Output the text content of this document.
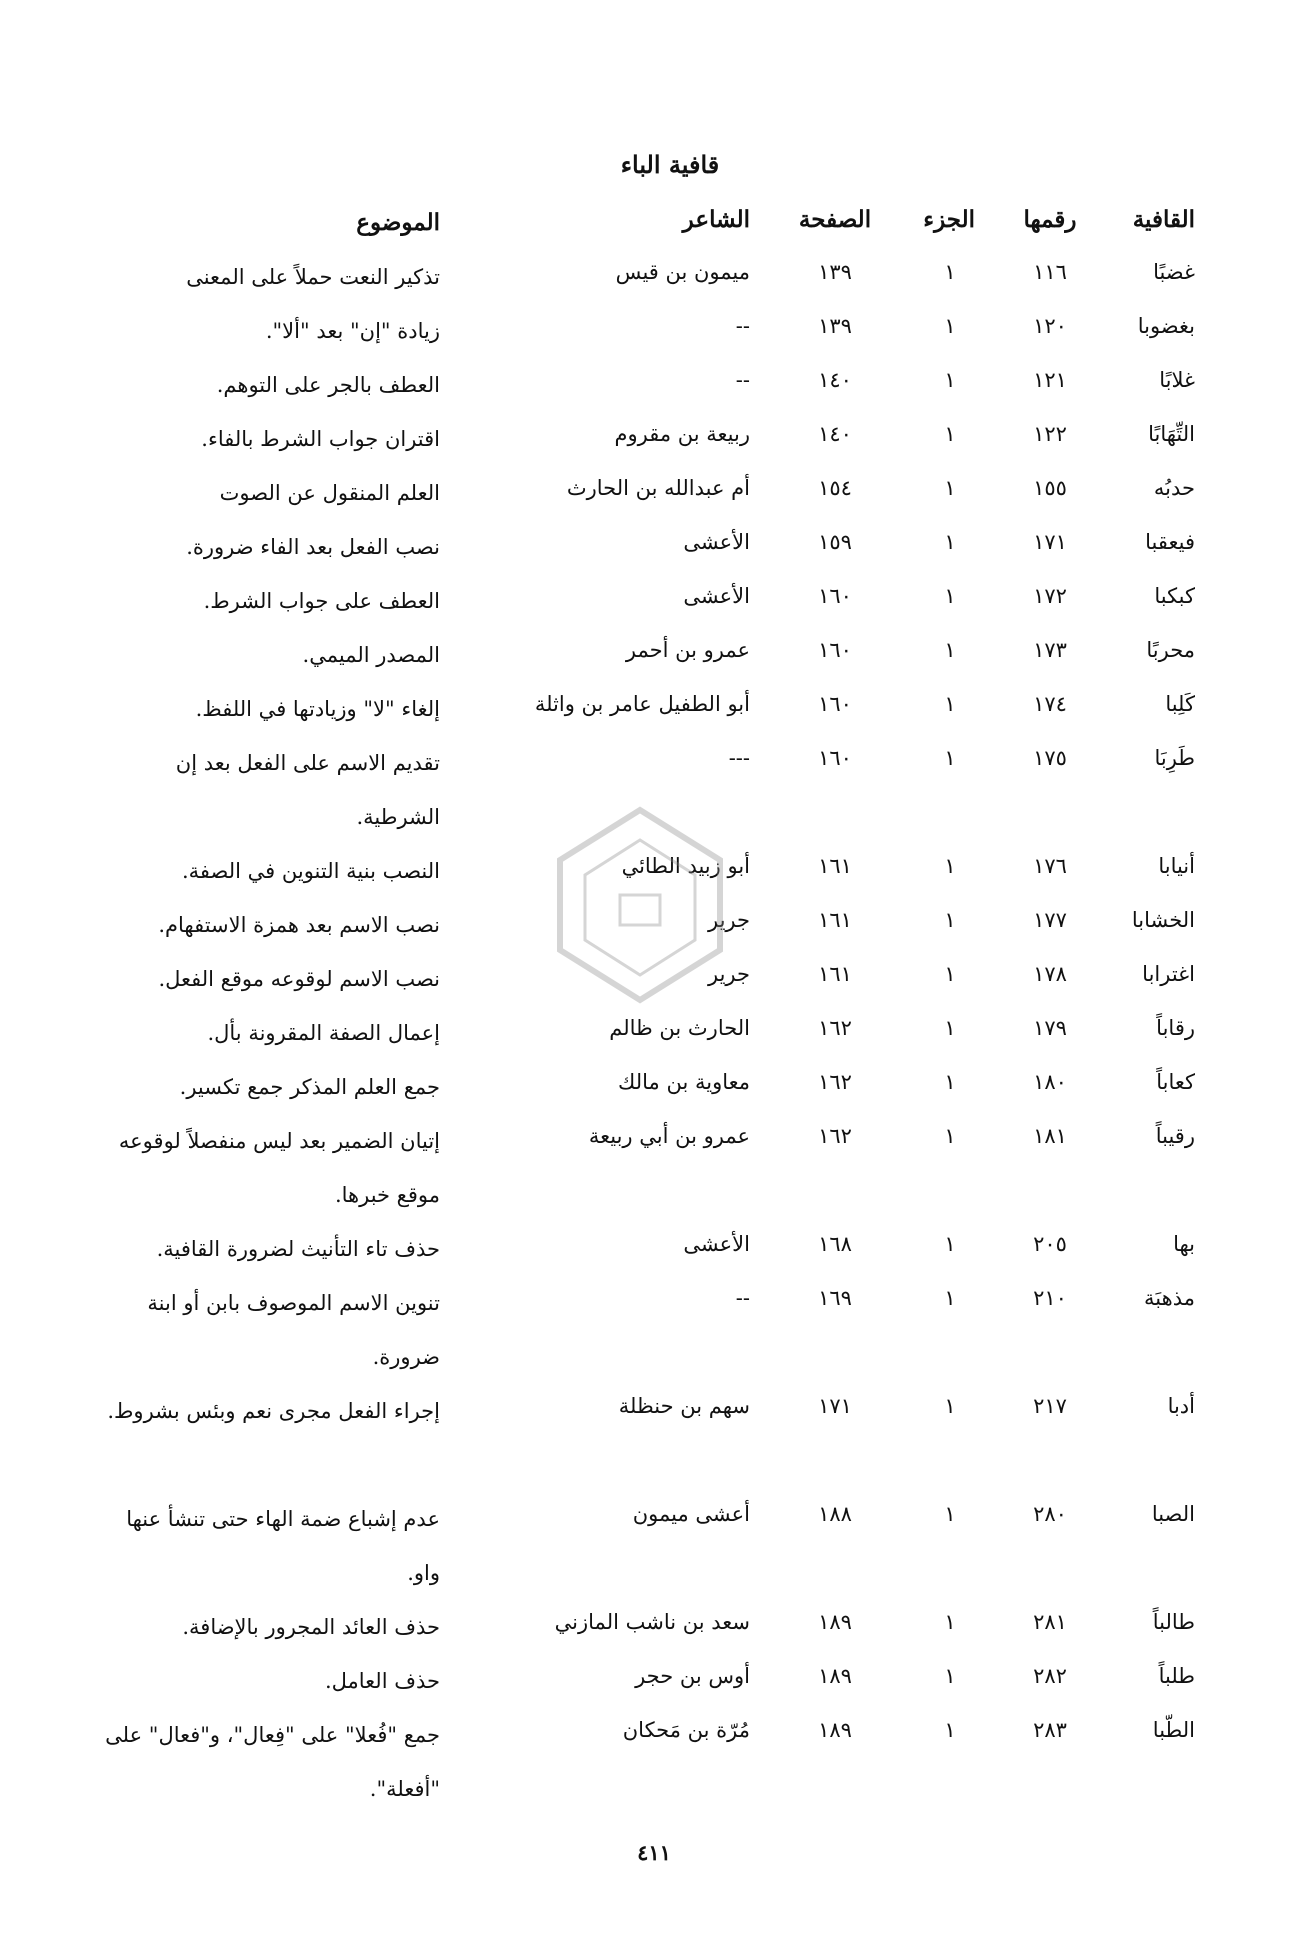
قافية الباء
القافية
رقمها
الجزء
الصفحة
الشاعر
الموضوع
غضبًا
١١٦
١
١٣٩
ميمون بن قيس
تذكير النعت حملاً على المعنى
بغضوبا
١٢٠
١
١٣٩
--
زيادة "إن" بعد "ألا".
غلابًا
١٢١
١
١٤٠
--
العطف بالجر على التوهم.
التِّهَابًا
١٢٢
١
١٤٠
ربيعة بن مقروم
اقتران جواب الشرط بالفاء.
حدبُه
١٥٥
١
١٥٤
أم عبدالله بن الحارث
العلم المنقول عن الصوت
فيعقبا
١٧١
١
١٥٩
الأعشى
نصب الفعل بعد الفاء ضرورة.
كبكبا
١٧٢
١
١٦٠
الأعشى
العطف على جواب الشرط.
محربًا
١٧٣
١
١٦٠
عمرو بن أحمر
المصدر الميمي.
كَلِبا
١٧٤
١
١٦٠
أبو الطفيل عامر بن واثلة
إلغاء "لا" وزيادتها في اللفظ.
طَرِبَا
١٧٥
١
١٦٠
---
تقديم الاسم على الفعل بعد إن الشرطية.
أنيابا
١٧٦
١
١٦١
أبو زبيد الطائي
النصب بنية التنوين في الصفة.
الخشابا
١٧٧
١
١٦١
جرير
نصب الاسم بعد همزة الاستفهام.
اغترابا
١٧٨
١
١٦١
جرير
نصب الاسم لوقوعه موقع الفعل.
رقاباً
١٧٩
١
١٦٢
الحارث بن ظالم
إعمال الصفة المقرونة بأل.
كعاباً
١٨٠
١
١٦٢
معاوية بن مالك
جمع العلم المذكر جمع تكسير.
رقيباً
١٨١
١
١٦٢
عمرو بن أبي ربيعة
إتيان الضمير بعد ليس منفصلاً لوقوعه موقع خبرها.
بها
٢٠٥
١
١٦٨
الأعشى
حذف تاء التأنيث لضرورة القافية.
مذهبَة
٢١٠
١
١٦٩
--
تنوين الاسم الموصوف بابن أو ابنة ضرورة.
أدبا
٢١٧
١
١٧١
سهم بن حنظلة
إجراء الفعل مجرى نعم وبئس بشروط.
الصبا
٢٨٠
١
١٨٨
أعشى ميمون
عدم إشباع ضمة الهاء حتى تنشأ عنها واو.
طالباً
٢٨١
١
١٨٩
سعد بن ناشب المازني
حذف العائد المجرور بالإضافة.
طلباً
٢٨٢
١
١٨٩
أوس بن حجر
حذف العامل.
الطّبا
٢٨٣
١
١٨٩
مُرّة بن مَحكان
جمع "فُعلا" على "فِعال"، و"فعال" على "أفعلة".
٤١١
